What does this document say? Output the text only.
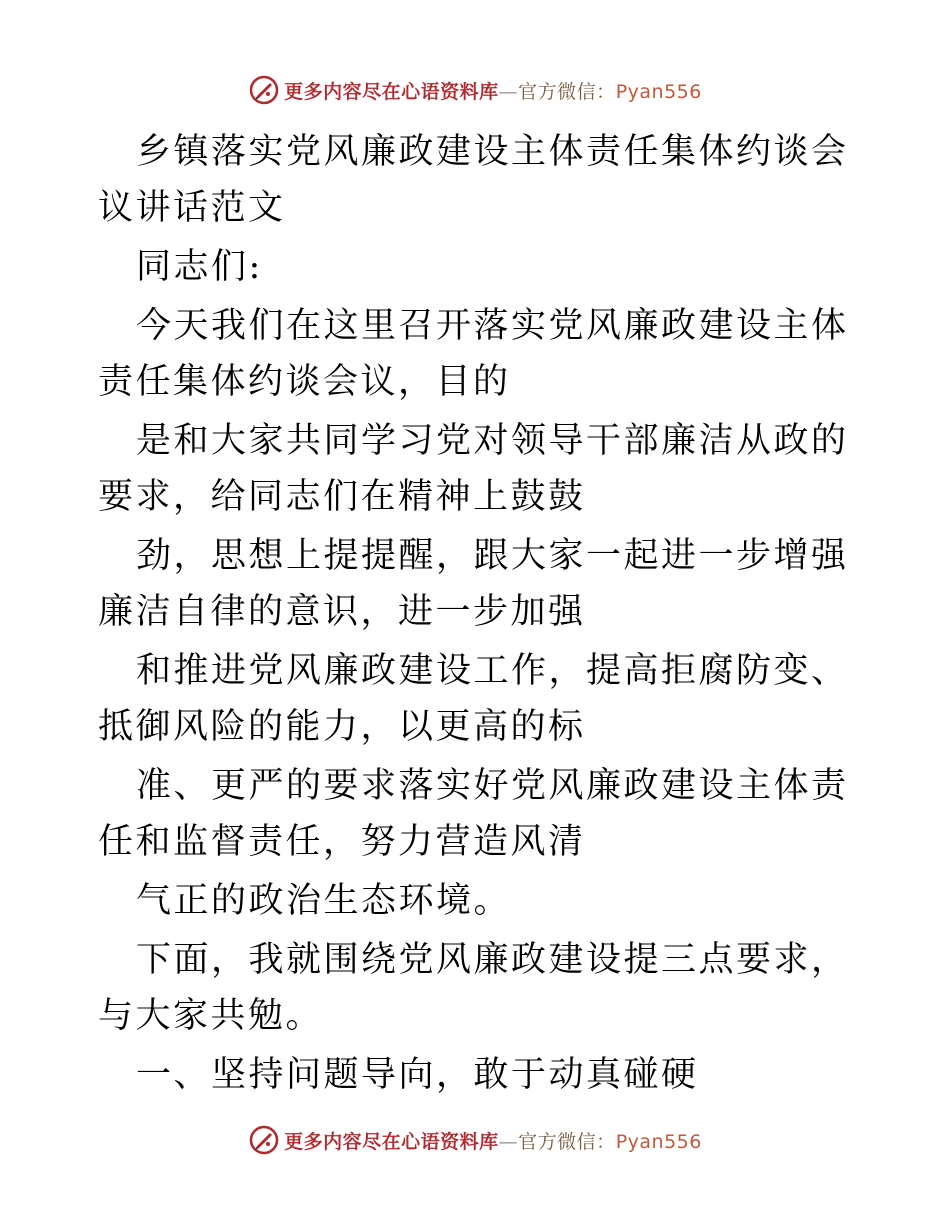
更多内容尽在心语资料库—官方微信：Pyan556

乡镇落实党风廉政建设主体责任集体约谈会议讲话范文

同志们:

今天我们在这里召开落实党风廉政建设主体责任集体约谈会议，目的

是和大家共同学习党对领导干部廉洁从政的要求，给同志们在精神上鼓鼓

劲，思想上提提醒，跟大家一起进一步增强廉洁自律的意识，进一步加强

和推进党风廉政建设工作，提高拒腐防变、抵御风险的能力，以更高的标

准、更严的要求落实好党风廉政建设主体责任和监督责任，努力营造风清

气正的政治生态环境。

下面，我就围绕党风廉政建设提三点要求，与大家共勉。

一、坚持问题导向，敢于动真碰硬

更多内容尽在心语资料库—官方微信：Pyan556
